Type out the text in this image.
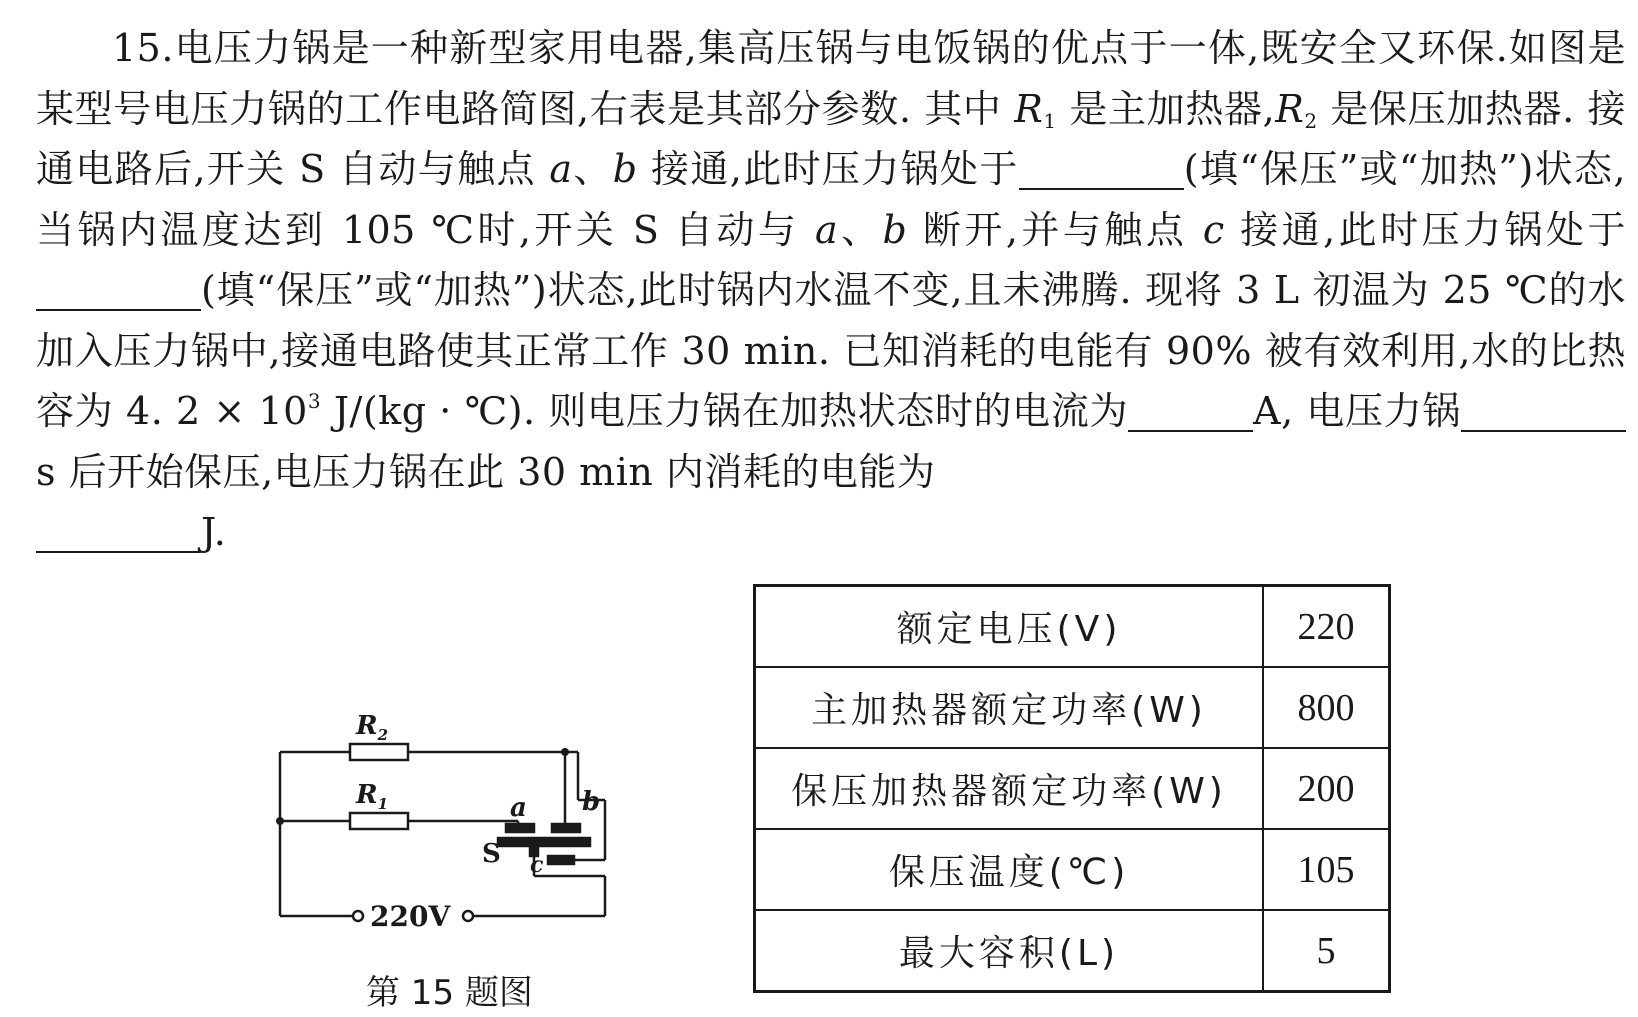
15.电压力锅是一种新型家用电器,集高压锅与电饭锅的优点于一体,既安全又环保.如图是某型号电压力锅的工作电路简图,右表是其部分参数. 其中 $R_1$ 是主加热器$,R_2$ 是保压加热器. 接通电路后,开关 S 自动与触点 a、b 接通,此时压力锅处于	(填“保压”或“加热”)状态,当锅内温度达到 105 ℃时,开关 S 自动与 a、b 断开,并与触点 c 接通,此时压力锅处于(填“保压”或“加热”)状态,此时锅内水温不变,且未沸腾. 现将 3 L 初温为 25 ℃的水加入压力锅中,接通电路使其正常工作 30 min. 已知消耗的电能有 90% 被有效利用,水的比热容为 4. $2 \times 10^3$ J/(kg · ℃). 则电压力锅在加热状态时的电流为	A, 电压力锅s 后开始保压,电压力锅在此 30 min 内消耗的电能为
J.
$R_2$
$R_1$	a b
c
S
220V
第 15 题图
额定电压(V)	220
主加热器额定功率(W)	800
保压加热器额定功率(W)	200
保压温度(℃)	105
最大容积(L)	5
